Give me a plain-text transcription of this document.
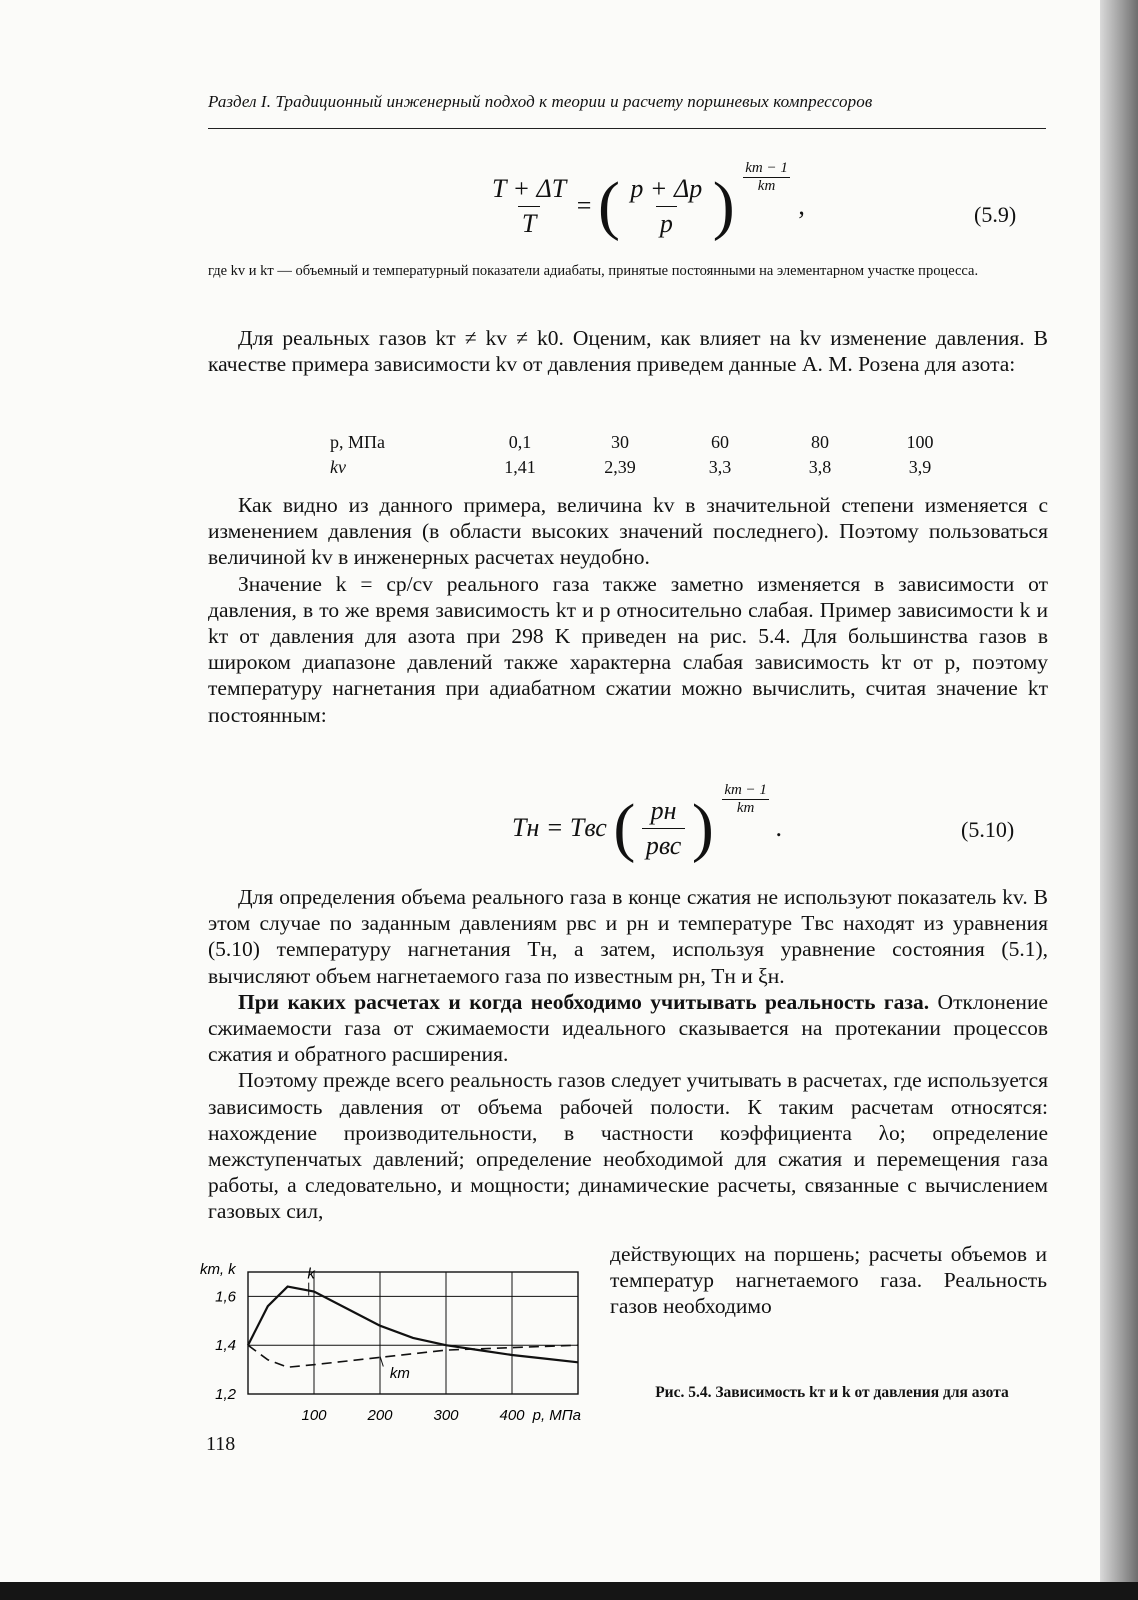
Раздел I. Традиционный инженерный подход к теории и расчету поршневых компрессоров
$\frac{T + \Delta T}{T}$ = ( $\frac{p + \Delta p}{p}$ )
kт − 1
kт
,	(5.9)
где kv и kт — объемный и температурный показатели адиабаты, принятые постоянными на элементарном участке процесса.

Для реальных газов kт ≠ kv ≠ k0. Оценим, как влияет на kv изменение давления. В качестве примера зависимости kv от давления приведем данные А. М. Розена для азота:

p, МПа	0,1	30	60	80	100
kv	1,41	2,39	3,3	3,8	3,9

Как видно из данного примера, величина kv в значительной степени изменяется с изменением давления (в области высоких значений последнего). Поэтому пользоваться величиной kv в инженерных расчетах неудобно.

Значение k = cp/cv реального газа также заметно изменяется в зависимости от давления, в то же время зависимость kт и p относительно слабая. Пример зависимости k и kт от давления для азота при 298 K приведен на рис. 5.4. Для большинства газов в широком диапазоне давлений также характерна слабая зависимость kт от p, поэтому температуру нагнетания при адиабатном сжатии можно вычислить, считая значение kт постоянным:

Tн = Tвс ( $\frac{pн}{\text{pвс}}$ )
kт − 1
kт
.	(5.10)

Для определения объема реального газа в конце сжатия не используют показатель kv. В этом случае по заданным давлениям pвс и pн и температуре Tвс находят из уравнения (5.10) температуру нагнетания Tн, а затем, используя уравнение состояния (5.1), вычисляют объем нагнетаемого газа по известным pн, Tн и ξн.

При каких расчетах и когда необходимо учитывать реальность газа. Отклонение сжимаемости газа от сжимаемости идеального сказывается на протекании процессов сжатия и обратного расширения.

Поэтому прежде всего реальность газов следует учитывать в расчетах, где используется зависимость давления от объема рабочей полости. К таким расчетам относятся: нахождение производительности, в частности коэффициента λо; определение межступенчатых давлений; определение необходимой для сжатия и перемещения газа работы, а следовательно, и мощности; динамические расчеты, связанные с вычислением газовых сил,

действующих на поршень; расчеты объемов и температур нагнетаемого газа. Реальность газов необходимо
1,6
1,4
1,2
100	200	300	400 p, МПа
kт, k	k
kт
Рис. 5.4. Зависимость kт и k от давления для азота
118
